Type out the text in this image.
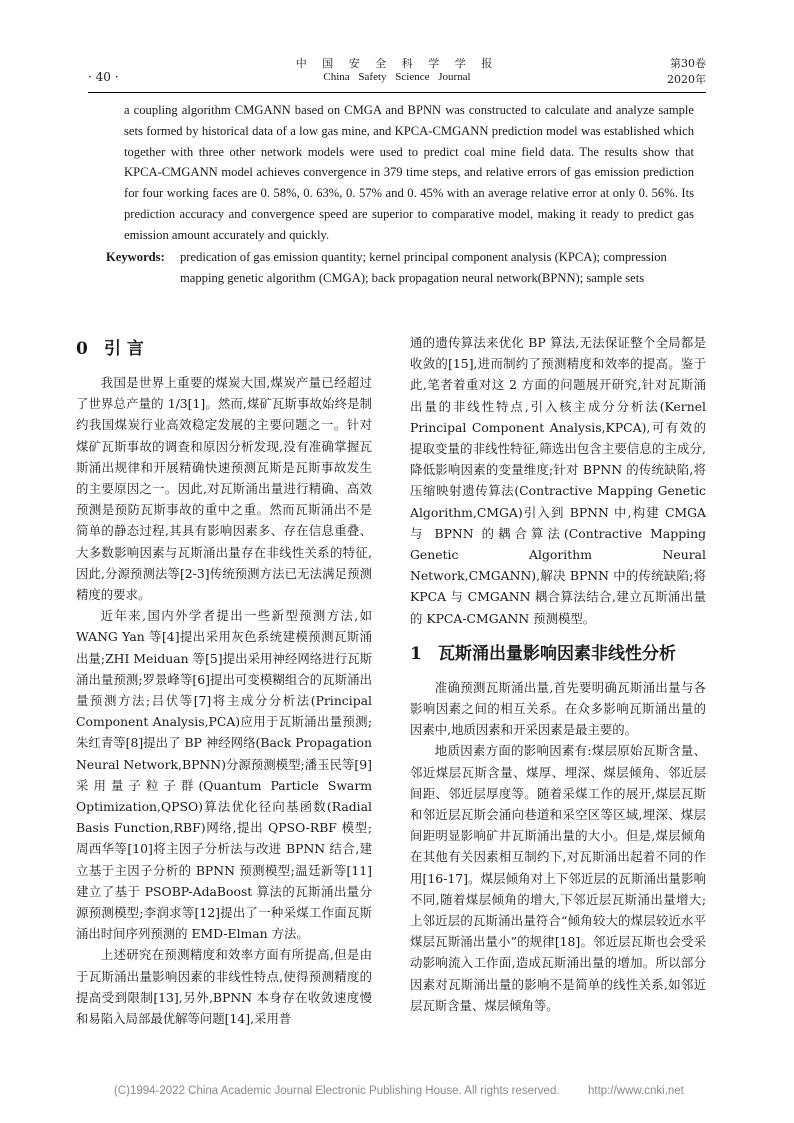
· 40 ·
中 国 安 全 科 学 学 报
China Safety Science Journal
第30卷
2020年
a coupling algorithm CMGANN based on CMGA and BPNN was constructed to calculate and analyze sample sets formed by historical data of a low gas mine, and KPCA-CMGANN prediction model was established which together with three other network models were used to predict coal mine field data. The results show that KPCA-CMGANN model achieves convergence in 379 time steps, and relative errors of gas emission prediction for four working faces are 0. 58%, 0. 63%, 0. 57% and 0. 45% with an average relative error at only 0. 56%. Its prediction accuracy and convergence speed are superior to comparative model, making it ready to predict gas emission amount accurately and quickly.
Keywords: predication of gas emission quantity; kernel principal component analysis (KPCA); compression mapping genetic algorithm (CMGA); back propagation neural network(BPNN); sample sets
0 引 言

我国是世界上重要的煤炭大国,煤炭产量已经超过了世界总产量的 1/3[1]。然而,煤矿瓦斯事故始终是制约我国煤炭行业高效稳定发展的主要问题之一。针对煤矿瓦斯事故的调查和原因分析发现,没有准确掌握瓦斯涌出规律和开展精确快速预测瓦斯是瓦斯事故发生的主要原因之一。因此,对瓦斯涌出量进行精确、高效预测是预防瓦斯事故的重中之重。然而瓦斯涌出不是简单的静态过程,其具有影响因素多、存在信息重叠、大多数影响因素与瓦斯涌出量存在非线性关系的特征,因此,分源预测法等[2-3]传统预测方法已无法满足预测精度的要求。

近年来,国内外学者提出一些新型预测方法,如 WANG Yan 等[4]提出采用灰色系统建模预测瓦斯涌出量;ZHI Meiduan 等[5]提出采用神经网络进行瓦斯涌出量预测;罗景峰等[6]提出可变模糊组合的瓦斯涌出量预测方法;吕伏等[7]将主成分分析法(Principal Component Analysis,PCA)应用于瓦斯涌出量预测;朱红青等[8]提出了 BP 神经网络(Back Propagation Neural Network,BPNN)分源预测模型;潘玉民等[9]采用量子粒子群(Quantum Particle Swarm Optimization,QPSO)算法优化径向基函数(Radial Basis Function,RBF)网络,提出 QPSO-RBF 模型;周西华等[10]将主因子分析法与改进 BPNN 结合,建立基于主因子分析的 BPNN 预测模型;温廷新等[11]建立了基于 PSOBP-AdaBoost 算法的瓦斯涌出量分源预测模型;李润求等[12]提出了一种采煤工作面瓦斯涌出时间序列预测的 EMD-Elman 方法。

上述研究在预测精度和效率方面有所提高,但是由于瓦斯涌出量影响因素的非线性特点,使得预测精度的提高受到限制[13],另外,BPNN 本身存在收敛速度慢和易陷入局部最优解等问题[14],采用普

通的遗传算法来优化 BP 算法,无法保证整个全局都是收敛的[15],进而制约了预测精度和效率的提高。鉴于此,笔者着重对这 2 方面的问题展开研究,针对瓦斯涌出量的非线性特点,引入核主成分分析法(Kernel Principal Component Analysis,KPCA),可有效的提取变量的非线性特征,筛选出包含主要信息的主成分,降低影响因素的变量维度;针对 BPNN 的传统缺陷,将压缩映射遗传算法(Contractive Mapping Genetic Algorithm,CMGA)引入到 BPNN 中,构建 CMGA 与 BPNN 的耦合算法(Contractive Mapping Genetic Algorithm Neural Network,CMGANN),解决 BPNN 中的传统缺陷;将 KPCA 与 CMGANN 耦合算法结合,建立瓦斯涌出量的 KPCA-CMGANN 预测模型。

1 瓦斯涌出量影响因素非线性分析

准确预测瓦斯涌出量,首先要明确瓦斯涌出量与各影响因素之间的相互关系。在众多影响瓦斯涌出量的因素中,地质因素和开采因素是最主要的。

地质因素方面的影响因素有:煤层原始瓦斯含量、邻近煤层瓦斯含量、煤厚、埋深、煤层倾角、邻近层间距、邻近层厚度等。随着采煤工作的展开,煤层瓦斯和邻近层瓦斯会涌向巷道和采空区等区域,埋深、煤层间距明显影响矿井瓦斯涌出量的大小。但是,煤层倾角在其他有关因素相互制约下,对瓦斯涌出起着不同的作用[16-17]。煤层倾角对上下邻近层的瓦斯涌出量影响不同,随着煤层倾角的增大,下邻近层瓦斯涌出量增大;上邻近层的瓦斯涌出量符合“倾角较大的煤层较近水平煤层瓦斯涌出量小”的规律[18]。邻近层瓦斯也会受采动影响流入工作面,造成瓦斯涌出量的增加。所以部分因素对瓦斯涌出量的影响不是简单的线性关系,如邻近层瓦斯含量、煤层倾角等。

(C)1994-2022 China Academic Journal Electronic Publishing House. All rights reserved. http://www.cnki.net
